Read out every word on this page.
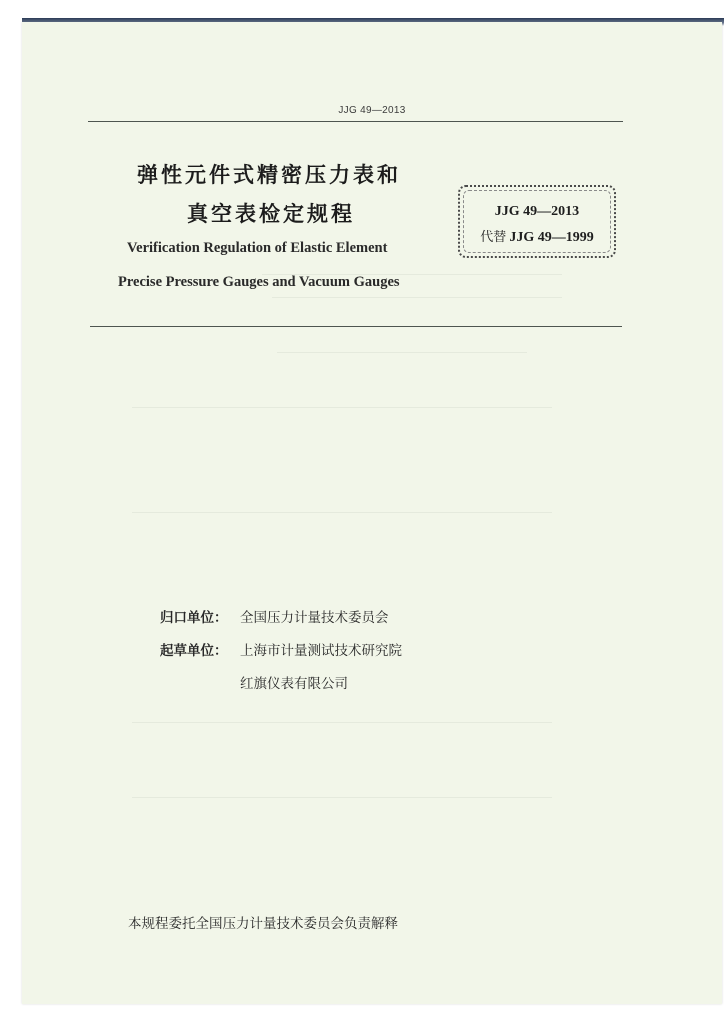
JJG 49—2013
弹性元件式精密压力表和
真空表检定规程	JJG 49—2013
代替 JJG 49—1999
Verification Regulation of Elastic Element
Precise Pressure Gauges and Vacuum Gauges
归口单位： 全国压力计量技术委员会
起草单位： 上海市计量测试技术研究院
红旗仪表有限公司
本规程委托全国压力计量技术委员会负责解释
